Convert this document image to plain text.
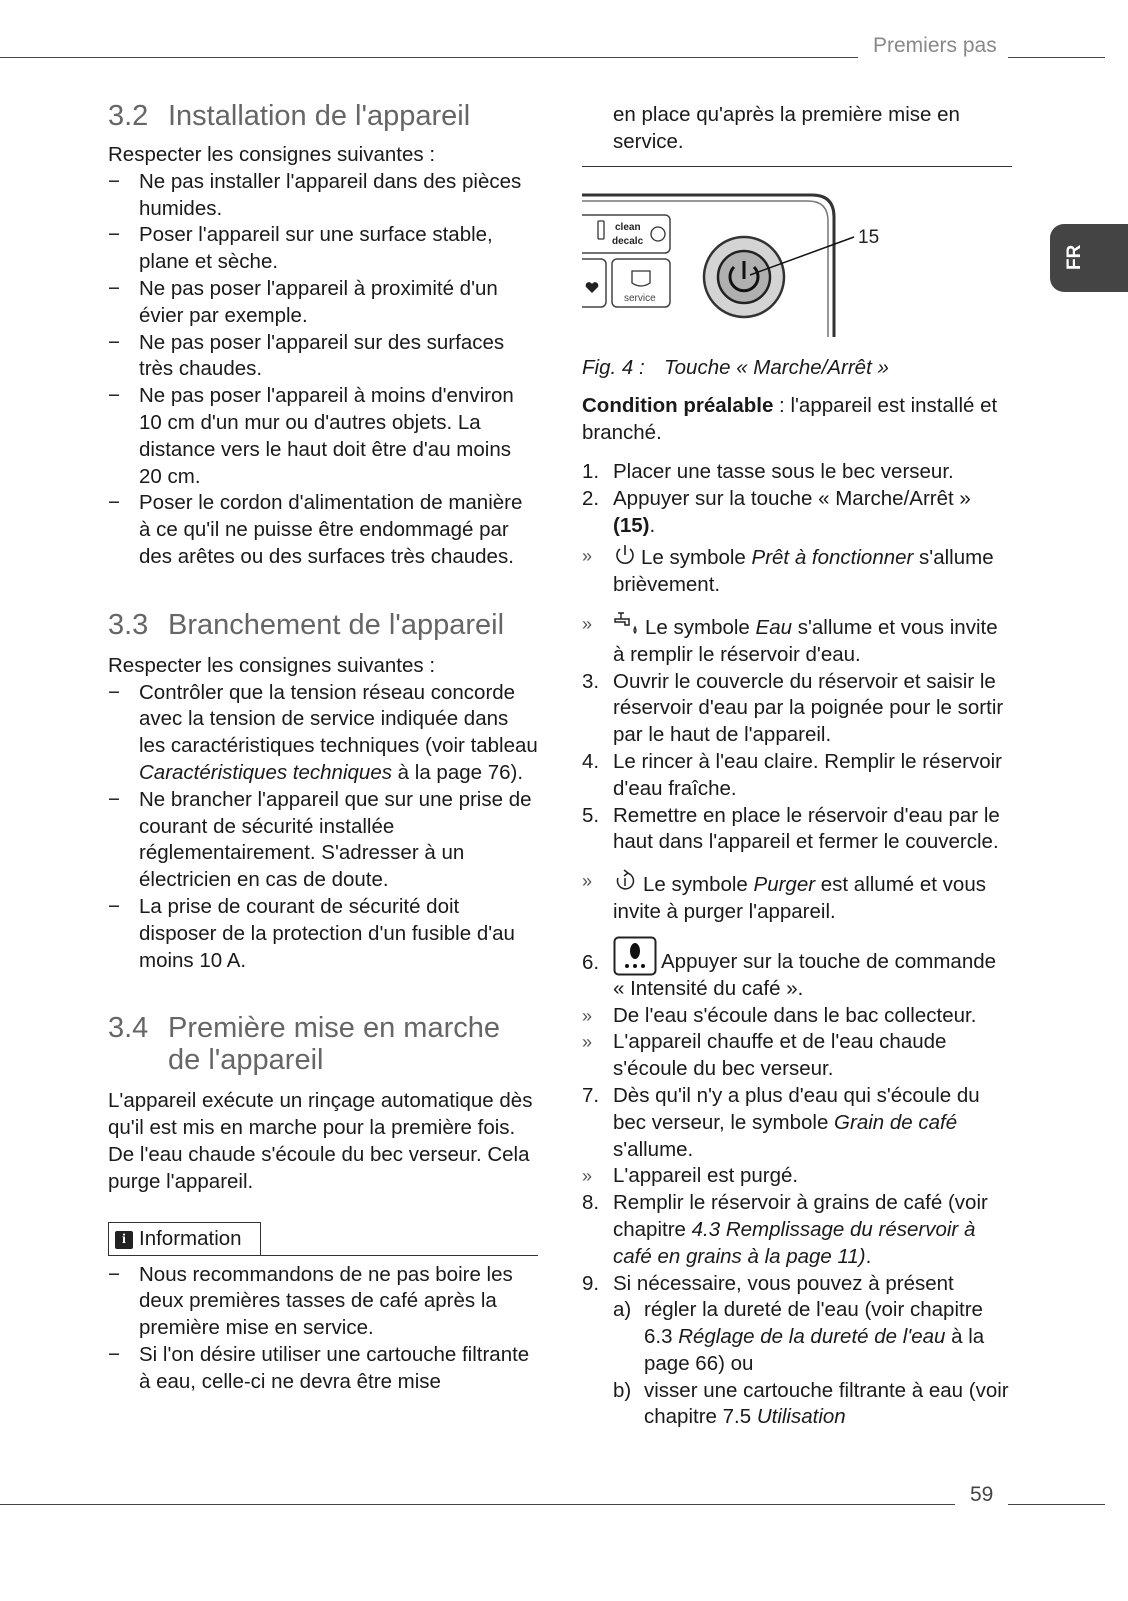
Premiers pas
FR
3.2 Installation de l'appareil

Respecter les consignes suivantes :

− Ne pas installer l'appareil dans des pièces humides.
− Poser l'appareil sur une surface stable, plane et sèche.
− Ne pas poser l'appareil à proximité d'un évier par exemple.
− Ne pas poser l'appareil sur des surfaces très chaudes.
− Ne pas poser l'appareil à moins d'environ 10 cm d'un mur ou d'autres objets. La distance vers le haut doit être d'au moins 20 cm.
− Poser le cordon d'alimentation de manière à ce qu'il ne puisse être endommagé par des arêtes ou des surfaces très chaudes.
3.3 Branchement de l'appareil

Respecter les consignes suivantes :

− Contrôler que la tension réseau concorde avec la tension de service indiquée dans les caractéristiques techniques (voir tableau Caractéristiques techniques à la page 76).
− Ne brancher l'appareil que sur une prise de courant de sécurité installée réglementairement. S'adresser à un électricien en cas de doute.
− La prise de courant de sécurité doit disposer de la protection d'un fusible d'au moins 10 A.
3.4 Première mise en marche de l'appareil

L'appareil exécute un rinçage automatique dès qu'il est mis en marche pour la première fois. De l'eau chaude s'écoule du bec verseur. Cela purge l'appareil.

i Information
− Nous recommandons de ne pas boire les deux premières tasses de café après la première mise en service.
− Si l'on désire utiliser une cartouche filtrante à eau, celle-ci ne devra être mise

en place qu'après la première mise en service.

clean
decalc
service
15

Fig. 4 : Touche « Marche/Arrêt »

Condition préalable : l'appareil est installé et branché.

1. Placer une tasse sous le bec verseur.
2. Appuyer sur la touche « Marche/Arrêt » (15).
» Le symbole Prêt à fonctionner s'allume brièvement.
» Le symbole Eau s'allume et vous invite à remplir le réservoir d'eau.
3. Ouvrir le couvercle du réservoir et saisir le réservoir d'eau par la poignée pour le sortir par le haut de l'appareil.
4. Le rincer à l'eau claire. Remplir le réservoir d'eau fraîche.
5. Remettre en place le réservoir d'eau par le haut dans l'appareil et fermer le couvercle.
» Le symbole Purger est allumé et vous invite à purger l'appareil.
6.	Appuyer sur la touche de commande « Intensité du café ».
» De l'eau s'écoule dans le bac collecteur.
» L'appareil chauffe et de l'eau chaude s'écoule du bec verseur.
7. Dès qu'il n'y a plus d'eau qui s'écoule du bec verseur, le symbole Grain de café s'allume.
» L'appareil est purgé.
8. Remplir le réservoir à grains de café (voir chapitre 4.3 Remplissage du réservoir à café en grains à la page 11).
9. Si nécessaire, vous pouvez à présent
a) régler la dureté de l'eau (voir chapitre 6.3 Réglage de la dureté de l'eau à la page 66) ou
b) visser une cartouche filtrante à eau (voir chapitre 7.5 Utilisation
59
